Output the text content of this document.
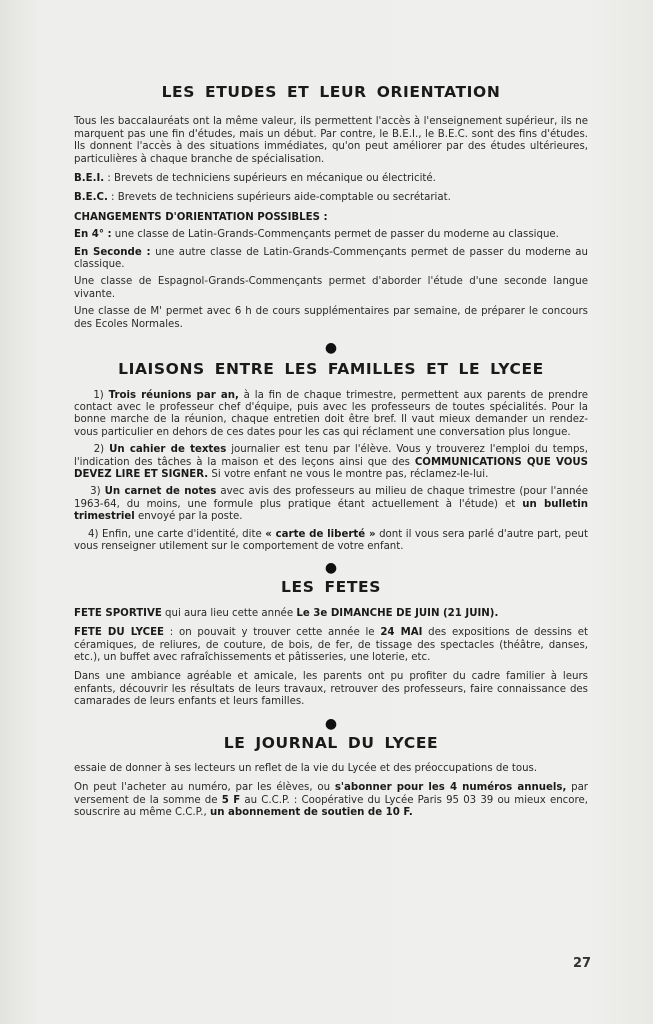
LES ETUDES ET LEUR ORIENTATION

Tous les baccalauréats ont la même valeur, ils permettent l'accès à l'enseignement supérieur, ils ne marquent pas une fin d'études, mais un début. Par contre, le B.E.I., le B.E.C. sont des fins d'études. Ils donnent l'accès à des situations immédiates, qu'on peut améliorer par des études ultérieures, particulières à chaque branche de spécialisation.

B.E.I. : Brevets de techniciens supérieurs en mécanique ou électricité.

B.E.C. : Brevets de techniciens supérieurs aide-comptable ou secrétariat.

CHANGEMENTS D'ORIENTATION POSSIBLES :

En 4° : une classe de Latin-Grands-Commençants permet de passer du moderne au classique.

En Seconde : une autre classe de Latin-Grands-Commençants permet de passer du moderne au classique.

Une classe de Espagnol-Grands-Commençants permet d'aborder l'étude d'une seconde langue vivante.

Une classe de M' permet avec 6 h de cours supplémentaires par semaine, de préparer le concours des Ecoles Normales.

●

LIAISONS ENTRE LES FAMILLES ET LE LYCEE

1) Trois réunions par an, à la fin de chaque trimestre, permettent aux parents de prendre contact avec le professeur chef d'équipe, puis avec les professeurs de toutes spécialités. Pour la bonne marche de la réunion, chaque entretien doit être bref. Il vaut mieux demander un rendez-vous particulier en dehors de ces dates pour les cas qui réclament une conversation plus longue.

2) Un cahier de textes journalier est tenu par l'élève. Vous y trouverez l'emploi du temps, l'indication des tâches à la maison et des leçons ainsi que des COMMUNICATIONS QUE VOUS DEVEZ LIRE ET SIGNER. Si votre enfant ne vous le montre pas, réclamez-le-lui.

3) Un carnet de notes avec avis des professeurs au milieu de chaque trimestre (pour l'année 1963-64, du moins, une formule plus pratique étant actuellement à l'étude) et un bulletin trimestriel envoyé par la poste.

4) Enfin, une carte d'identité, dite « carte de liberté » dont il vous sera parlé d'autre part, peut vous renseigner utilement sur le comportement de votre enfant.

●

LES FETES

FETE SPORTIVE qui aura lieu cette année Le 3e DIMANCHE DE JUIN (21 JUIN).

FETE DU LYCEE : on pouvait y trouver cette année le 24 MAI des expositions de dessins et céramiques, de reliures, de couture, de bois, de fer, de tissage des spectacles (théâtre, danses, etc.), un buffet avec rafraîchissements et pâtisseries, une loterie, etc.

Dans une ambiance agréable et amicale, les parents ont pu profiter du cadre familier à leurs enfants, découvrir les résultats de leurs travaux, retrouver des professeurs, faire connaissance des camarades de leurs enfants et leurs familles.

●

LE JOURNAL DU LYCEE

essaie de donner à ses lecteurs un reflet de la vie du Lycée et des préoccupations de tous.

On peut l'acheter au numéro, par les élèves, ou s'abonner pour les 4 numéros annuels, par versement de la somme de 5 F au C.C.P. : Coopérative du Lycée Paris 95 03 39 ou mieux encore, souscrire au même C.C.P., un abonnement de soutien de 10 F.

27
